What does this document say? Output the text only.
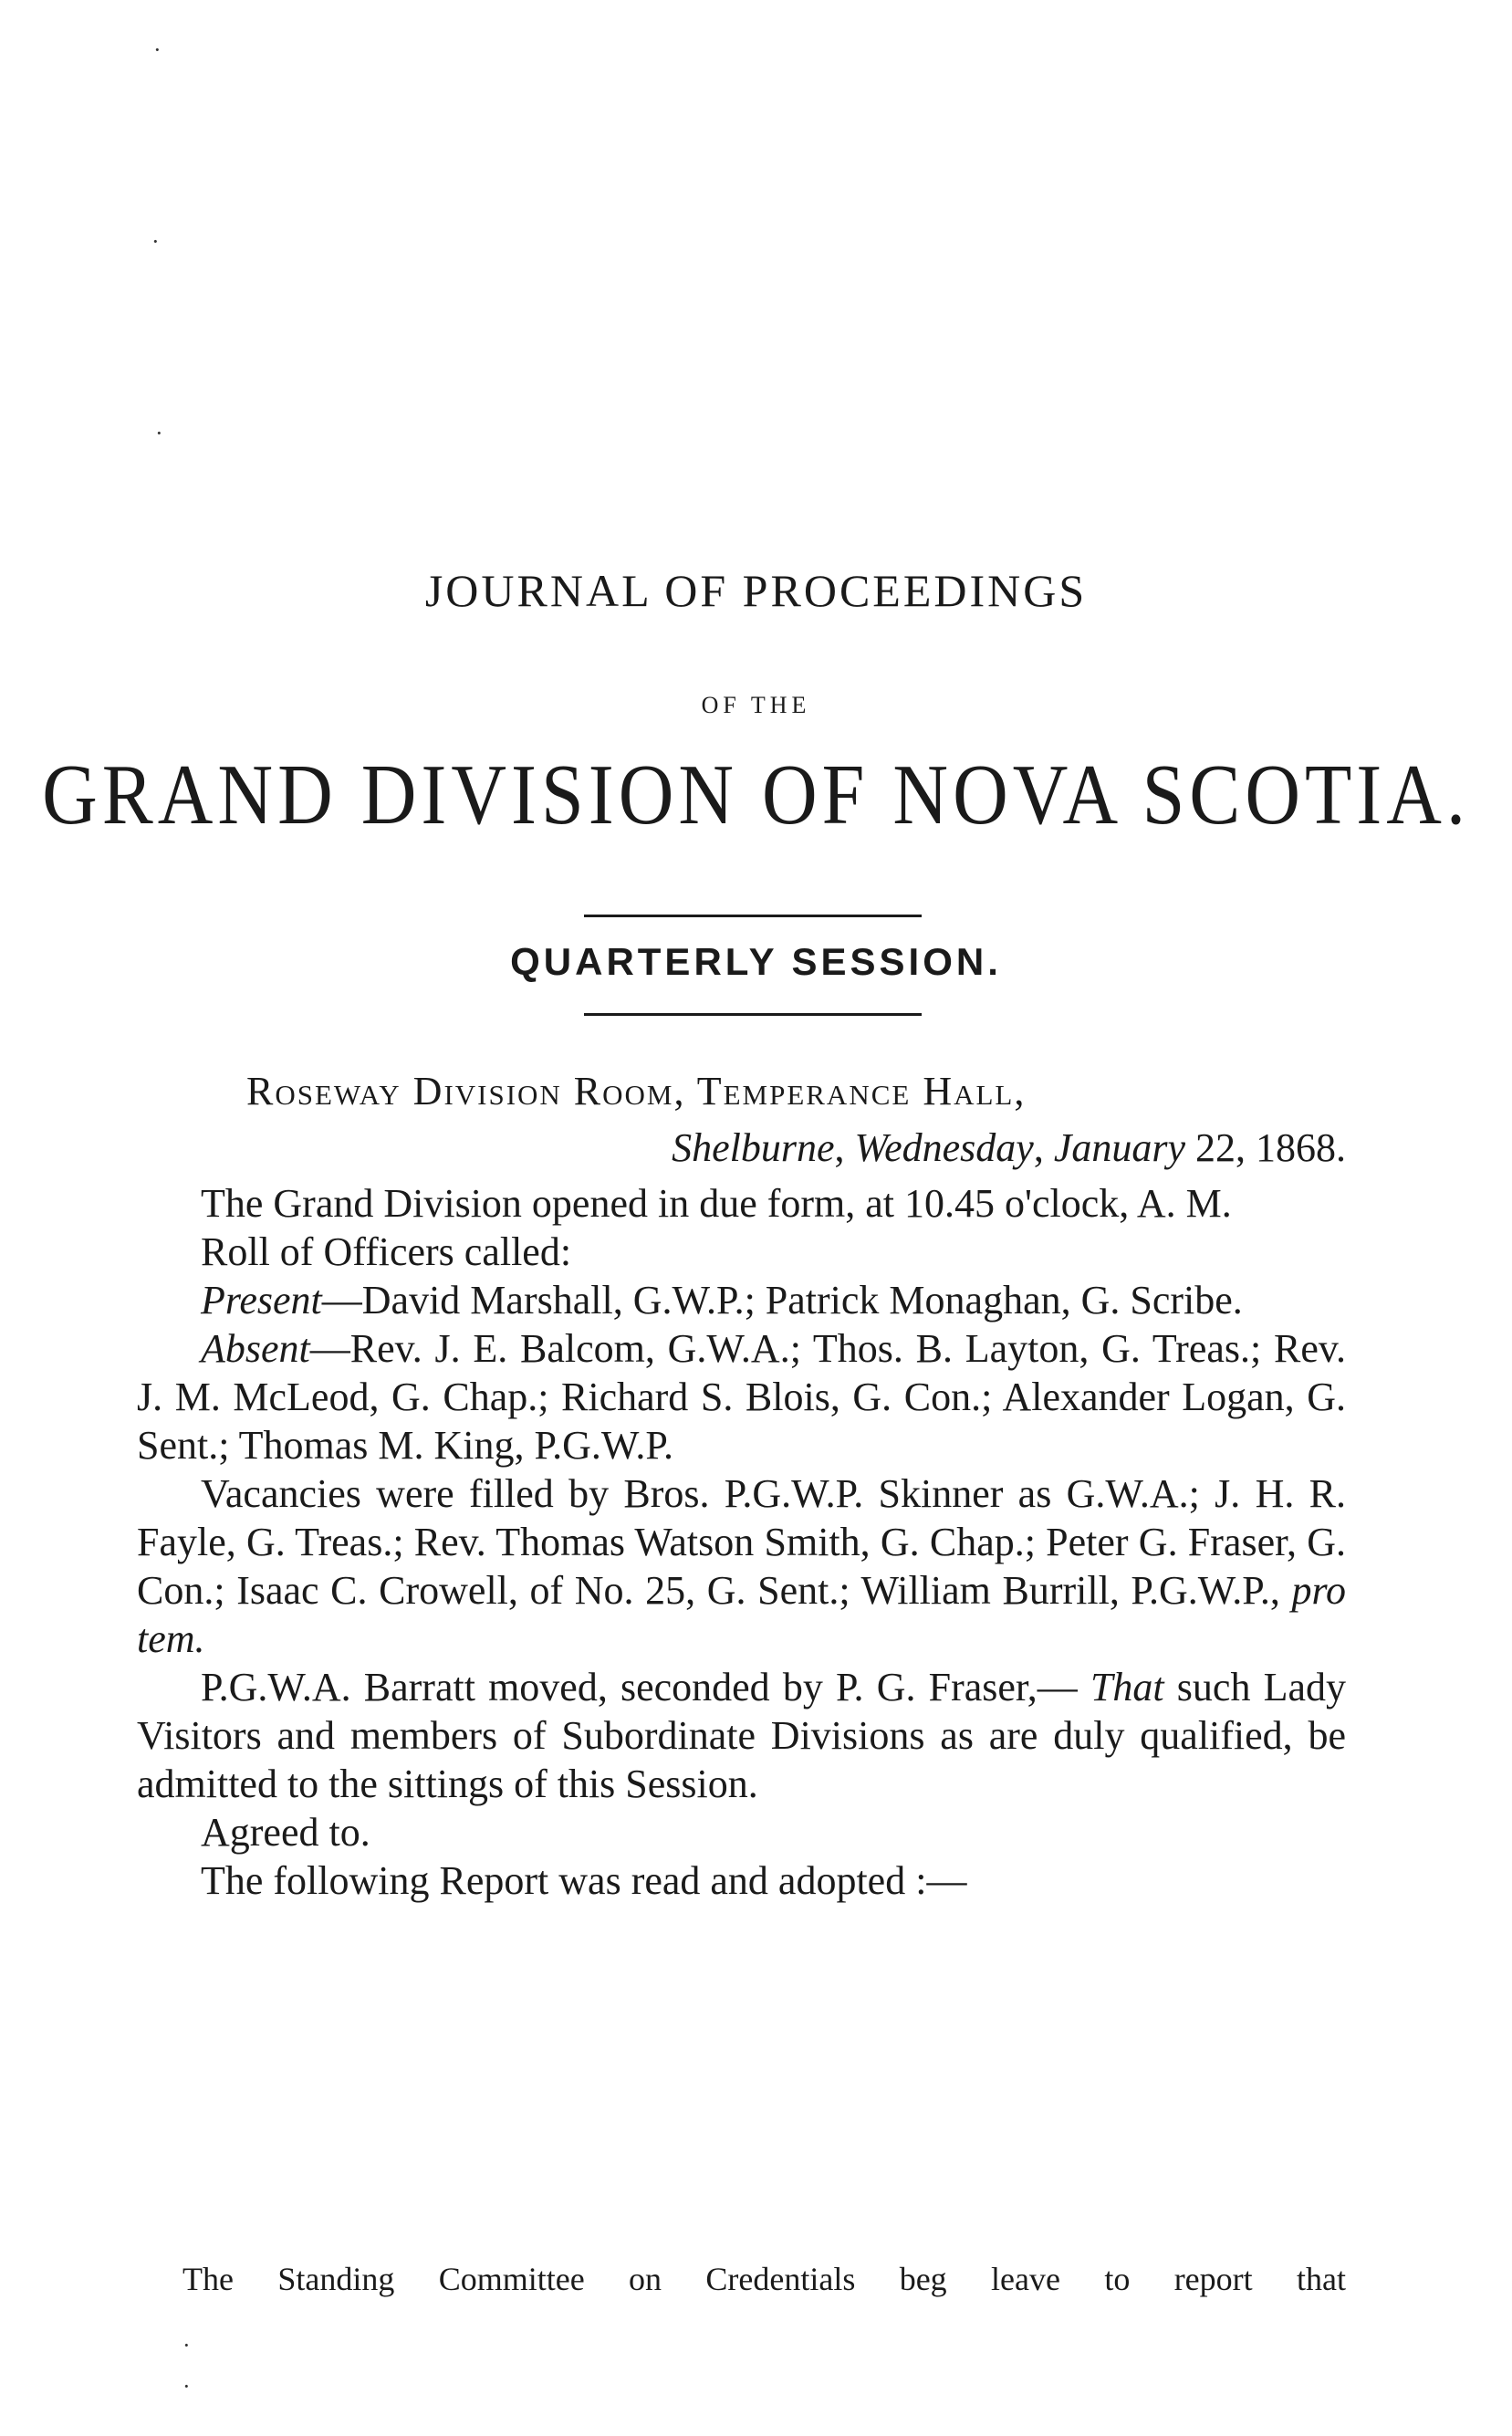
JOURNAL OF PROCEEDINGS
OF THE
GRAND DIVISION OF NOVA SCOTIA.
QUARTERLY SESSION.
Roseway Division Room, Temperance Hall,
Shelburne, Wednesday, January 22, 1868.

The Grand Division opened in due form, at 10.45 o'clock, A. M.

Roll of Officers called:

Present—David Marshall, G.W.P.; Patrick Monaghan, G. Scribe.

Absent—Rev. J. E. Balcom, G.W.A.; Thos. B. Layton, G. Treas.; Rev. J. M. McLeod, G. Chap.; Richard S. Blois, G. Con.; Alexander Logan, G. Sent.; Thomas M. King, P.G.W.P.

Vacancies were filled by Bros. P.G.W.P. Skinner as G.W.A.; J. H. R. Fayle, G. Treas.; Rev. Thomas Watson Smith, G. Chap.; Peter G. Fraser, G. Con.; Isaac C. Crowell, of No. 25, G. Sent.; William Burrill, P.G.W.P., pro tem.

P.G.W.A. Barratt moved, seconded by P. G. Fraser,— That such Lady Visitors and members of Subordinate Divisions as are duly qualified, be admitted to the sittings of this Session.

Agreed to.

The following Report was read and adopted :—

The Standing Committee on Credentials beg leave to report that
·
·
·
·
·
